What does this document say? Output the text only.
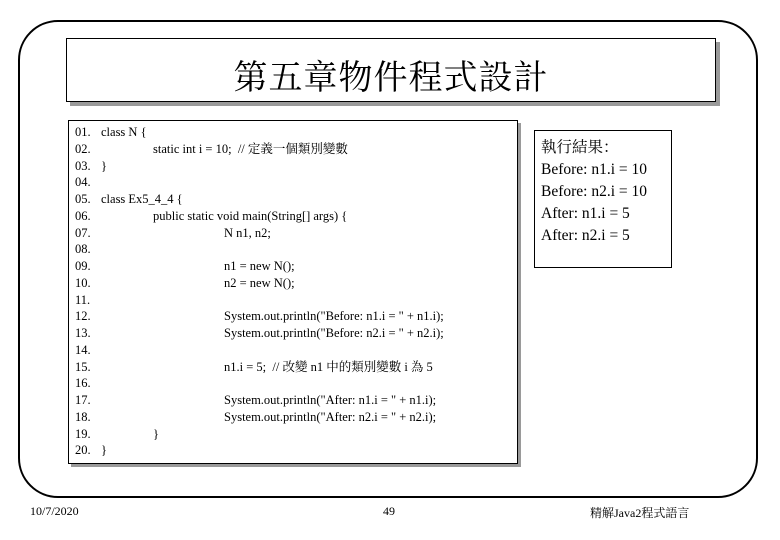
第五章物件程式設計
01. class N {
02.	static int i = 10;  // 定義一個類別變數
03. }
04.
05. class Ex5_4_4 {
06.	public static void main(String[] args) {
07.	N n1, n2;
08.
09.	n1 = new N();
10.	n2 = new N();
11.
12.	System.out.println("Before: n1.i = " + n1.i);
13.	System.out.println("Before: n2.i = " + n2.i);
14.
15.	n1.i = 5;  // 改變 n1 中的類別變數 i 為 5
16.
17.	System.out.println("After: n1.i = " + n1.i);
18.	System.out.println("After: n2.i = " + n2.i);
19.	}
20. }
執行結果：
Before: n1.i = 10
Before: n2.i = 10
After: n1.i = 5
After: n2.i = 5
10/7/2020	49	精解Java2程式語言
